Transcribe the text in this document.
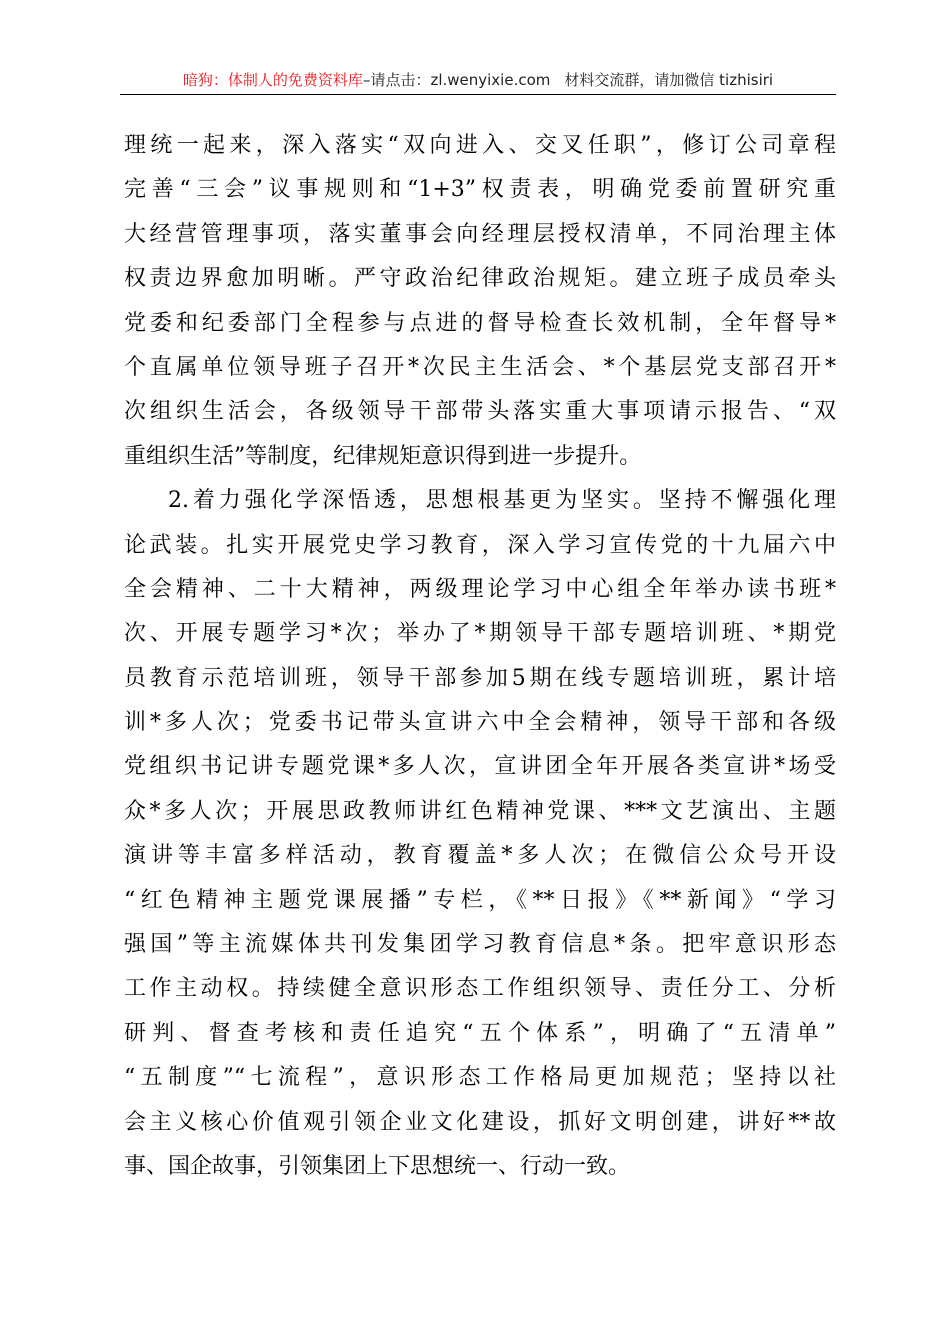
暗狗：体制人的免费资料库–请点击：zl.wenyixie.com 材料交流群，请加微信 tizhisiri
理统一起来，深入落实“双向进入、交叉任职”，修订公司章程
完善“三会”议事规则和“1+3”权责表，明确党委前置研究重
大经营管理事项，落实董事会向经理层授权清单，不同治理主体
权责边界愈加明晰。严守政治纪律政治规矩。建立班子成员牵头
党委和纪委部门全程参与点进的督导检查长效机制，全年督导*
个直属单位领导班子召开*次民主生活会、*个基层党支部召开*
次组织生活会，各级领导干部带头落实重大事项请示报告、“双
重组织生活”等制度，纪律规矩意识得到进一步提升。
2.着力强化学深悟透，思想根基更为坚实。坚持不懈强化理
论武装。扎实开展党史学习教育，深入学习宣传党的十九届六中
全会精神、二十大精神，两级理论学习中心组全年举办读书班*
次、开展专题学习*次；举办了*期领导干部专题培训班、*期党
员教育示范培训班，领导干部参加5期在线专题培训班，累计培
训*多人次；党委书记带头宣讲六中全会精神，领导干部和各级
党组织书记讲专题党课*多人次，宣讲团全年开展各类宣讲*场受
众*多人次；开展思政教师讲红色精神党课、***文艺演出、主题
演讲等丰富多样活动，教育覆盖*多人次；在微信公众号开设
“红色精神主题党课展播”专栏，《**日报》《**新闻》“学习
强国”等主流媒体共刊发集团学习教育信息*条。把牢意识形态
工作主动权。持续健全意识形态工作组织领导、责任分工、分析
研判、督查考核和责任追究“五个体系”，明确了“五清单”
“五制度”“七流程”，意识形态工作格局更加规范；坚持以社
会主义核心价值观引领企业文化建设，抓好文明创建，讲好**故
事、国企故事，引领集团上下思想统一、行动一致。
